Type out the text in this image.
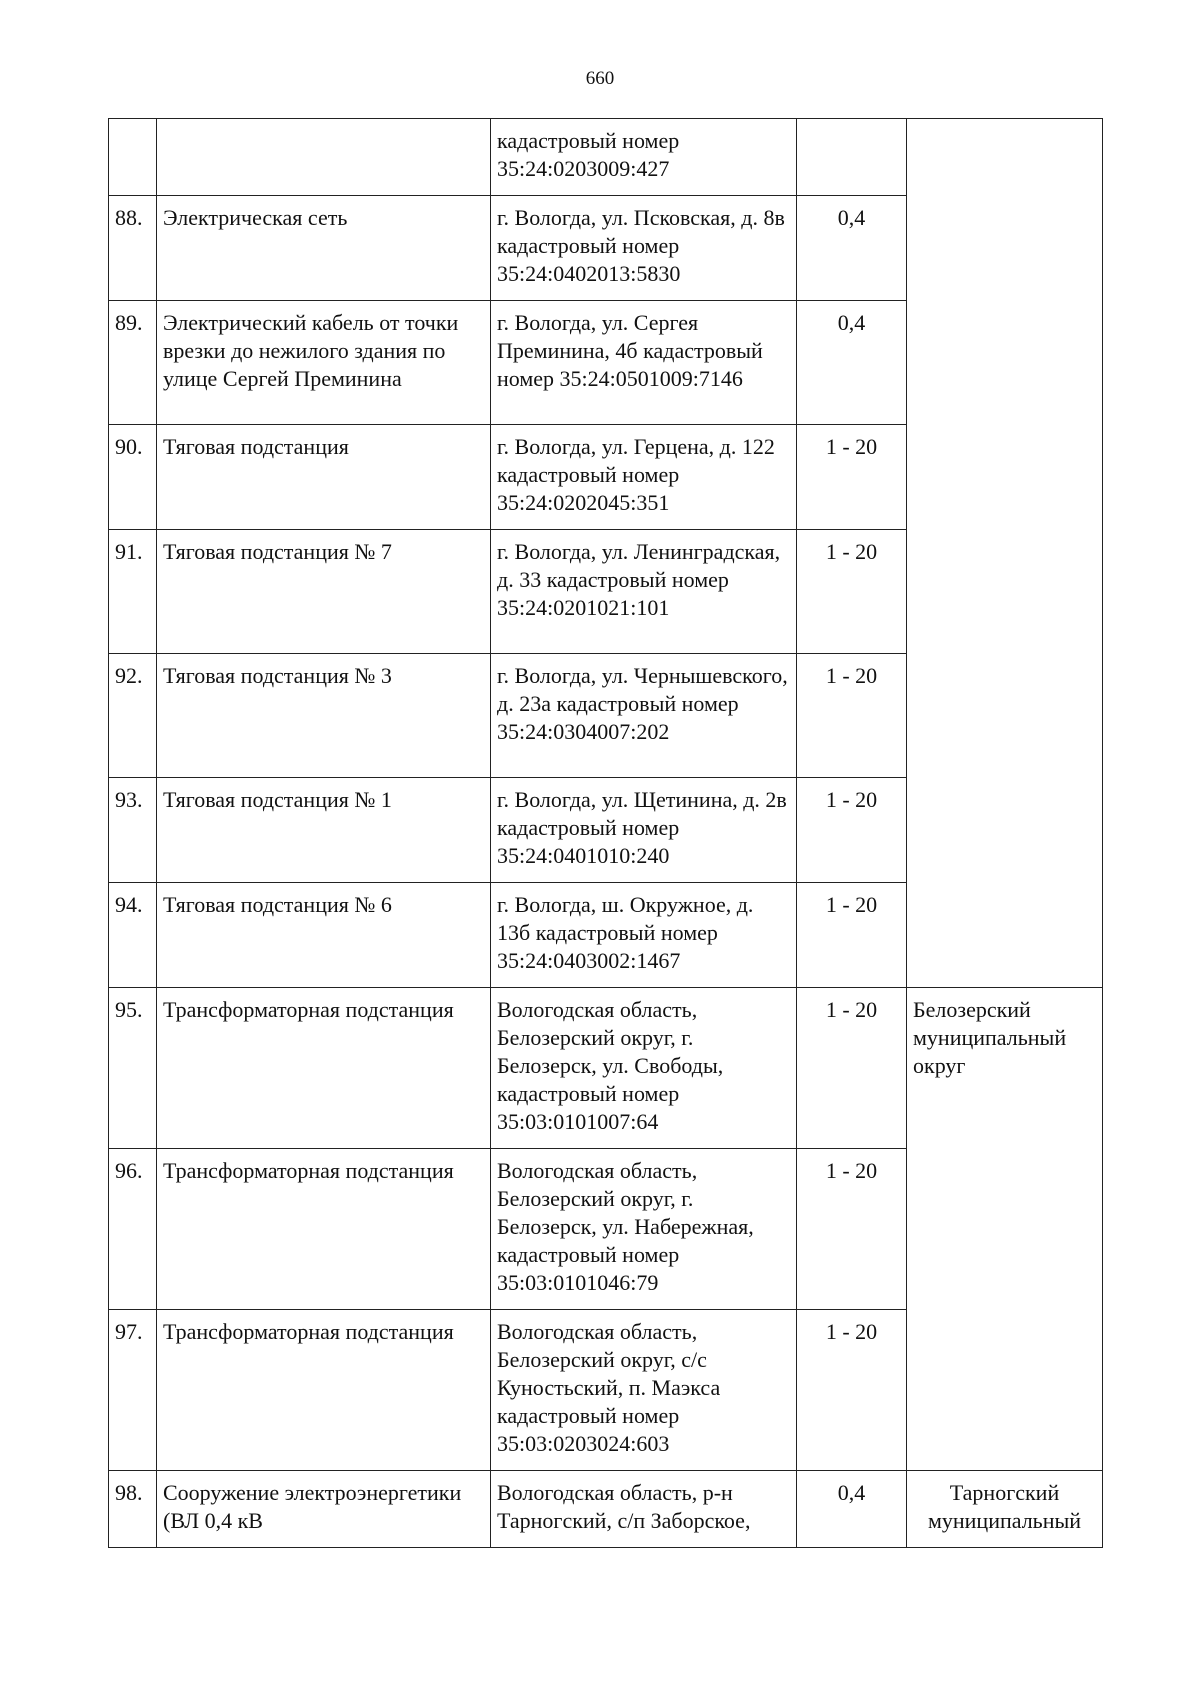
660
		кадастровый номер 35:24:0203009:427		
88.	Электрическая сеть	г. Вологда, ул. Псковская, д. 8в кадастровый номер 35:24:0402013:5830	0,4	
89.	Электрический кабель от точки врезки до нежилого здания по улице Сергей Преминина	г. Вологда, ул. Сергея Преминина, 4б кадастровый номер 35:24:0501009:7146	0,4	
90.	Тяговая подстанция	г. Вологда, ул. Герцена, д. 122 кадастровый номер 35:24:0202045:351	1 - 20	
91.	Тяговая подстанция № 7	г. Вологда, ул. Ленинградская, д. 33 кадастровый номер 35:24:0201021:101	1 - 20	
92.	Тяговая подстанция № 3	г. Вологда, ул. Чернышевского, д. 23а кадастровый номер 35:24:0304007:202	1 - 20	
93.	Тяговая подстанция № 1	г. Вологда, ул. Щетинина, д. 2в кадастровый номер 35:24:0401010:240	1 - 20	
94.	Тяговая подстанция № 6	г. Вологда, ш. Окружное, д. 13б кадастровый номер 35:24:0403002:1467	1 - 20	
95.	Трансформаторная подстанция	Вологодская область, Белозерский округ, г. Белозерск, ул. Свободы, кадастровый номер 35:03:0101007:64	1 - 20	Белозерский муниципальный округ
96.	Трансформаторная подстанция	Вологодская область, Белозерский округ, г. Белозерск, ул. Набережная, кадастровый номер 35:03:0101046:79	1 - 20	
97.	Трансформаторная подстанция	Вологодская область, Белозерский округ, с/с Куностьский, п. Маэкса кадастровый номер 35:03:0203024:603	1 - 20	
98.	Сооружение электроэнергетики (ВЛ 0,4 кВ	Вологодская область, р-н Тарногский, с/п Заборское,	0,4	Тарногский муниципальный
